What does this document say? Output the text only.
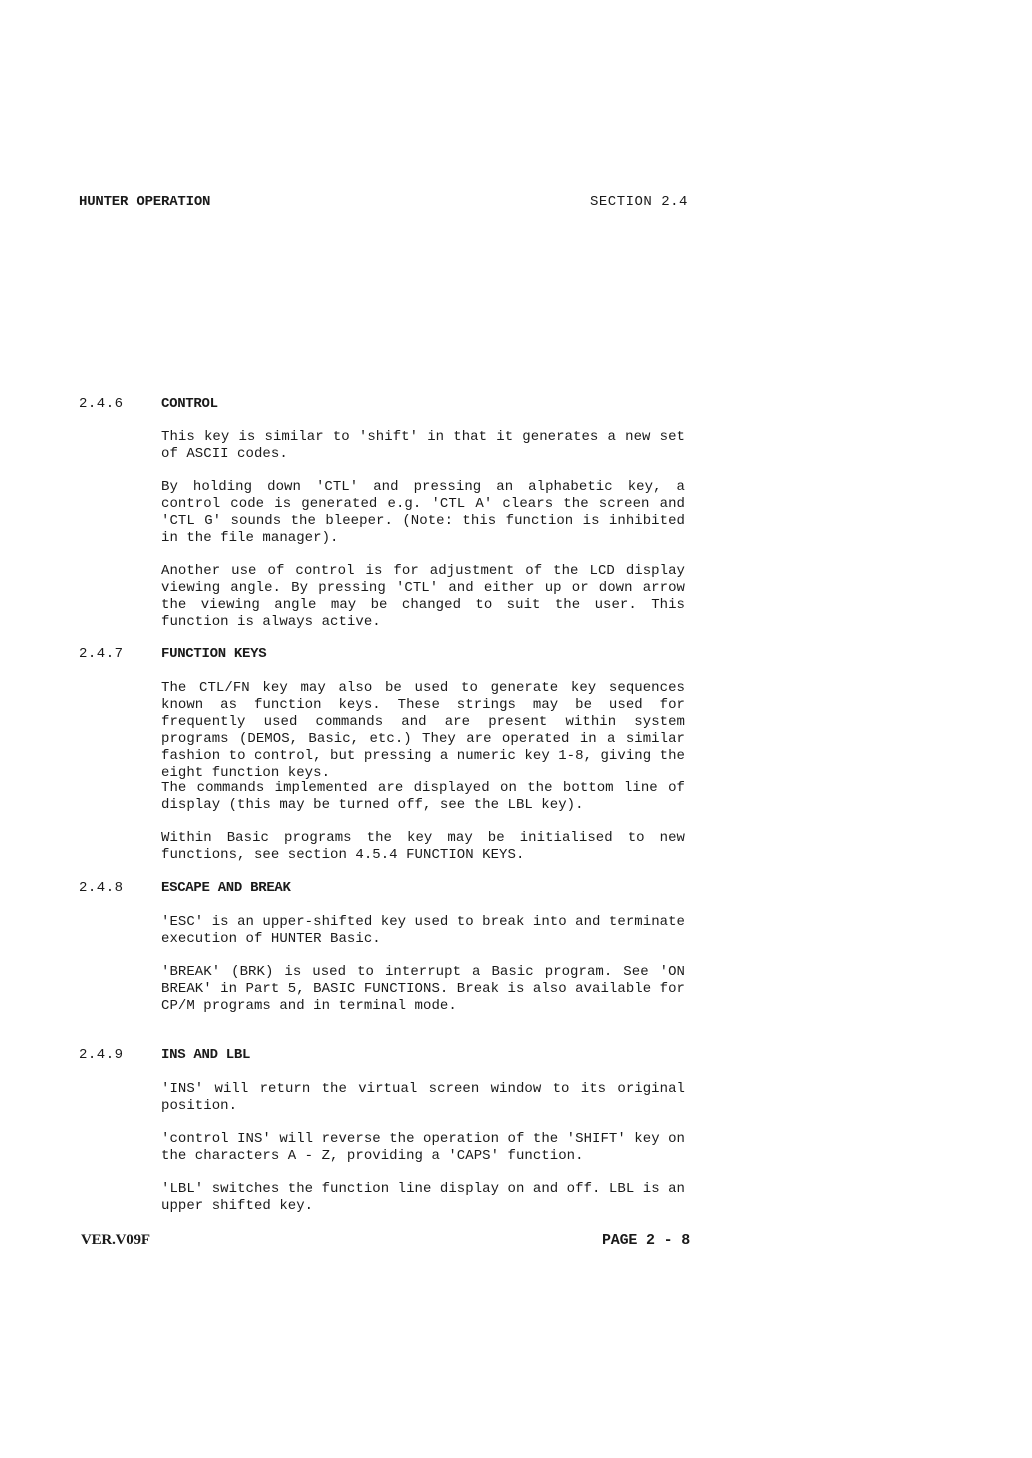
HUNTER OPERATION	SECTION 2.4
2.4.6	CONTROL
This key is similar to 'shift' in that it generates a new set of ASCII codes.
By holding down 'CTL' and pressing an alphabetic key, a control code is generated e.g. 'CTL A' clears the screen and 'CTL G' sounds the bleeper. (Note: this function is inhibited in the file manager).
Another use of control is for adjustment of the LCD display viewing angle. By pressing 'CTL' and either up or down arrow the viewing angle may be changed to suit the user. This function is always active.
2.4.7	FUNCTION KEYS
The CTL/FN key may also be used to generate key sequences known as function keys. These strings may be used for frequently used commands and are present within system programs (DEMOS, Basic, etc.) They are operated in a similar fashion to control, but pressing a numeric key 1-8, giving the eight function keys.
The commands implemented are displayed on the bottom line of display (this may be turned off, see the LBL key).
Within Basic programs the key may be initialised to new functions, see section 4.5.4 FUNCTION KEYS.
2.4.8	ESCAPE AND BREAK
'ESC' is an upper-shifted key used to break into and terminate execution of HUNTER Basic.
'BREAK' (BRK) is used to interrupt a Basic program. See 'ON BREAK' in Part 5, BASIC FUNCTIONS. Break is also available for CP/M programs and in terminal mode.
2.4.9	INS AND LBL
'INS' will return the virtual screen window to its original position.
'control INS' will reverse the operation of the 'SHIFT' key on the characters A - Z, providing a 'CAPS' function.
'LBL' switches the function line display on and off. LBL is an upper shifted key.
VER.V09F	PAGE 2 - 8
